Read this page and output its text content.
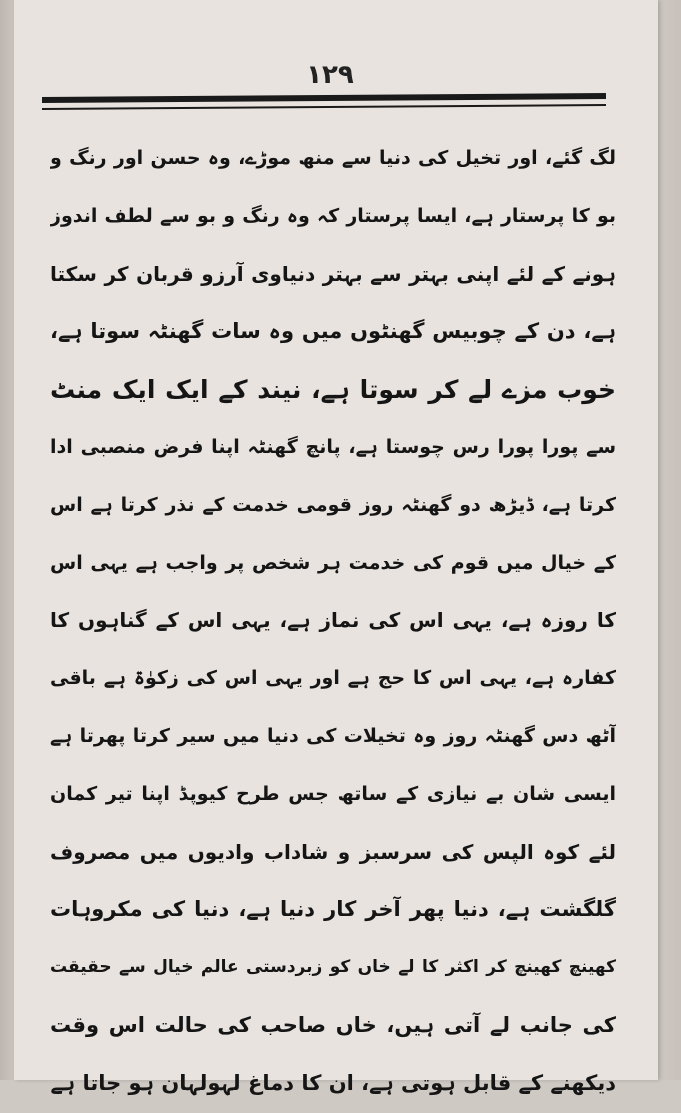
۱۲۹
لگ گئے، اور تخیل کی دنیا سے منھ موڑے، وہ حسن اور رنگ و
بو کا پرستار ہے، ایسا پرستار کہ وہ رنگ و بو سے لطف اندوز
ہونے کے لئے اپنی بہتر سے بہتر دنیاوی آرزو قربان کر سکتا
ہے، دن کے چوبیس گھنٹوں میں وہ سات گھنٹہ سوتا ہے،
خوب مزے لے کر سوتا ہے، نیند کے ایک ایک منٹ
سے پورا پورا رس چوستا ہے، پانچ گھنٹہ اپنا فرض منصبی ادا
کرتا ہے، ڈیڑھ دو گھنٹہ روز قومی خدمت کے نذر کرتا ہے اس
کے خیال میں قوم کی خدمت ہر شخص پر واجب ہے یہی اس
کا روزہ ہے، یہی اس کی نماز ہے، یہی اس کے گناہوں کا
کفارہ ہے، یہی اس کا حج ہے اور یہی اس کی زکوٰۃ ہے باقی
آٹھ دس گھنٹہ روز وہ تخیلات کی دنیا میں سیر کرتا پھرتا ہے
ایسی شان بے نیازی کے ساتھ جس طرح کیوپڈ اپنا تیر کمان
لئے کوہ الپس کی سرسبز و شاداب وادیوں میں مصروف
گلگشت ہے، دنیا پھر آخر کار دنیا ہے، دنیا کی مکروہات
کھینچ کھینچ کر اکثر کا لے خاں کو زبردستی عالم خیال سے حقیقت
کی جانب لے آتی ہیں، خاں صاحب کی حالت اس وقت
دیکھنے کے قابل ہوتی ہے، ان کا دماغ لہولہان ہو جاتا ہے
